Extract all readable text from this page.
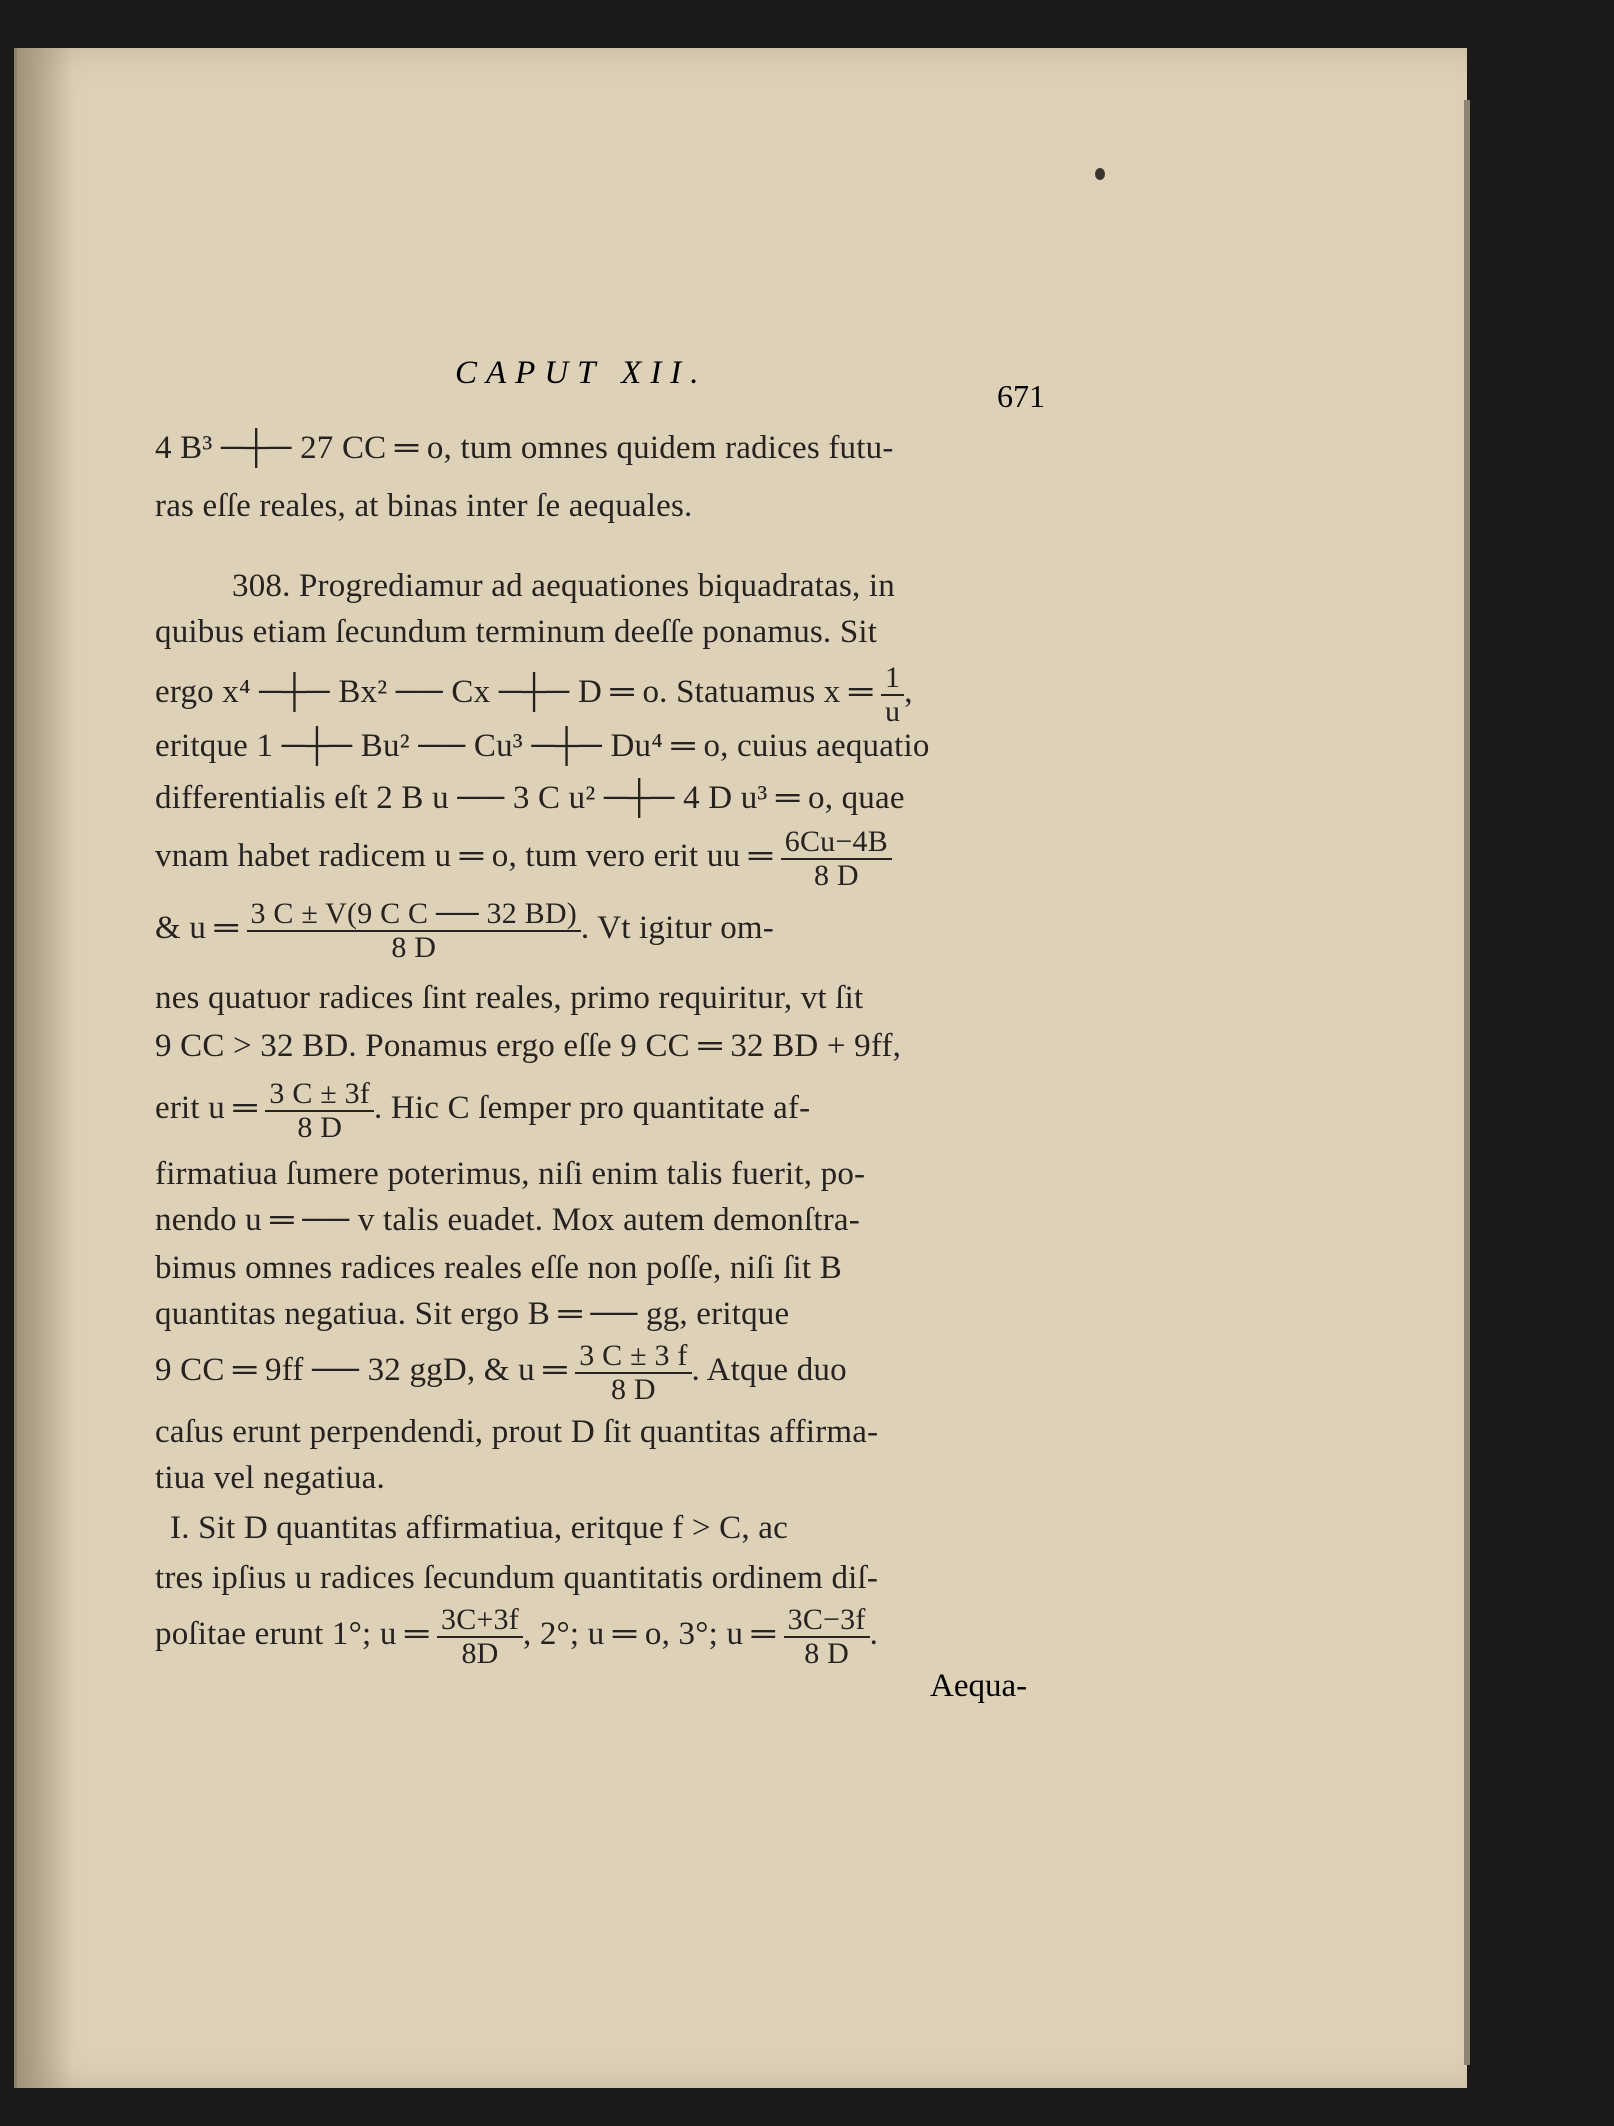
CAPUT XII.
671
4 B³ ─┼─ 27 CC ═ o, tum omnes quidem radices futu-
ras eſſe reales, at binas inter ſe aequales.
308. Progrediamur ad aequationes biquadratas, in
quibus etiam ſecundum terminum deeſſe ponamus. Sit
ergo x⁴ ─┼─ Bx² ── Cx ─┼─ D ═ o. Statuamus x ═ $\frac{1}{u}$ ,
eritque 1 ─┼─ Bu² ── Cu³ ─┼─ Du⁴ ═ o, cuius aequatio
differentialis eſt 2 B u ── 3 C u² ─┼─ 4 D u³ ═ o, quae
vnam habet radicem u ═ o, tum vero erit uu ═ $\frac{6Cu-4B}{8 D}$
& u ═ $\frac{\text{3 C ± V(9 C C ── 32 BD)}}{8 D}$ . Vt igitur om-
nes quatuor radices ſint reales, primo requiritur, vt ſit
9 CC > 32 BD. Ponamus ergo eſſe 9 CC ═ 32 BD + 9ff,
erit u ═ $\frac{3 C \pm 3f}{8 D}$ . Hic C ſemper pro quantitate af-
firmatiua ſumere poterimus, niſi enim talis fuerit, po-
nendo u ═ ── v talis euadet. Mox autem demonſtra-
bimus omnes radices reales eſſe non poſſe, niſi ſit B
quantitas negatiua. Sit ergo B ═ ── gg, eritque
9 CC ═ 9ff ── 32 ggD, & u ═ $\frac{3 C \pm 3 f}{8 D}$ . Atque duo
caſus erunt perpendendi, prout D ſit quantitas affirma-
tiua vel negatiua.
I. Sit D quantitas affirmatiua, eritque f > C, ac
tres ipſius u radices ſecundum quantitatis ordinem diſ-
poſitae erunt 1°; u ═ $\frac{3C+3f}{8D}$ , 2°; u ═ o, 3°; u ═ $\frac{3C-3f}{8 D}$ .
Aequa-
